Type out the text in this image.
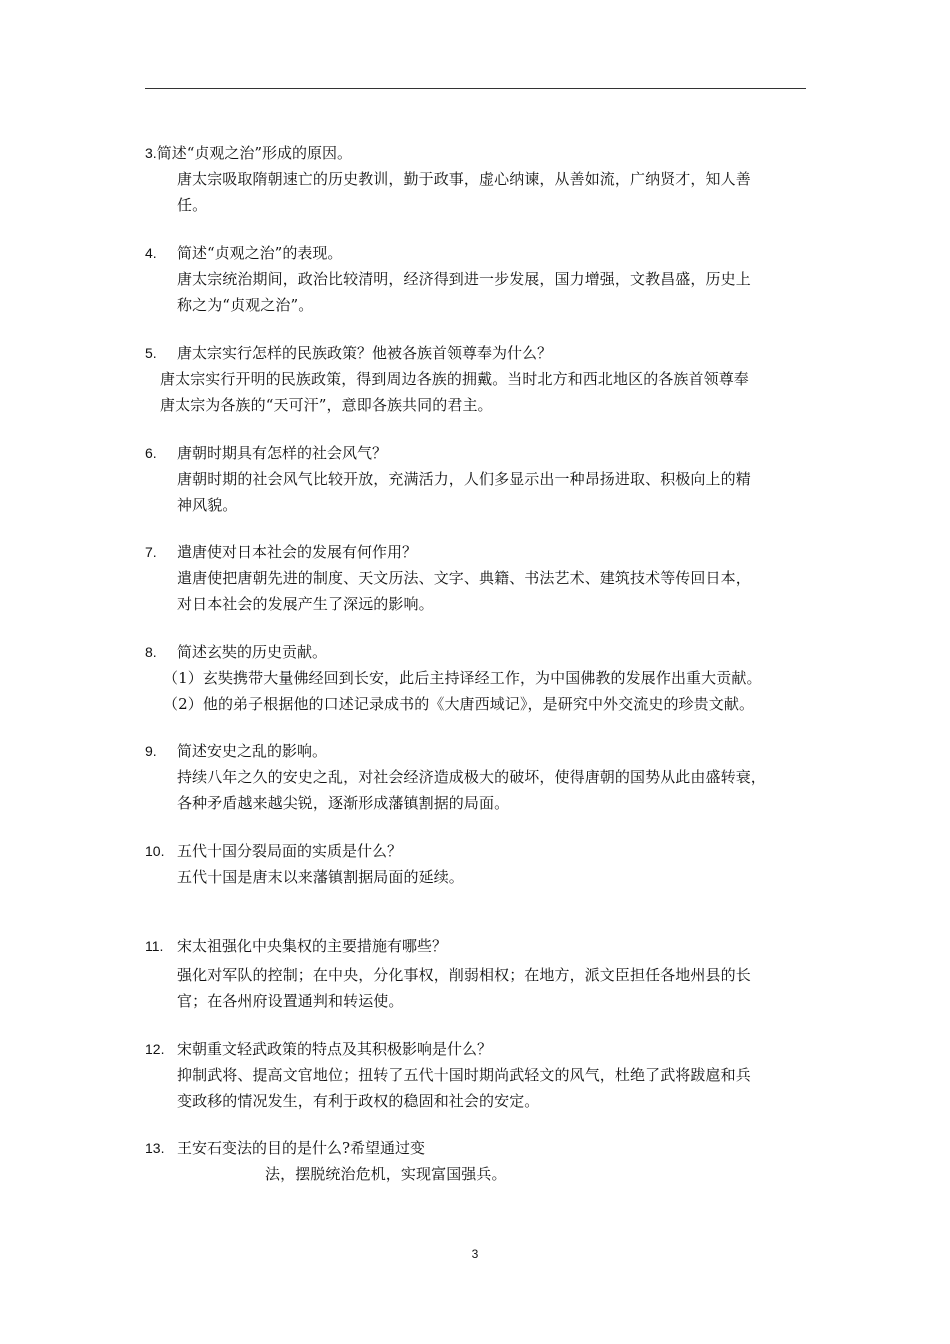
3.简述“贞观之治”形成的原因。
唐太宗吸取隋朝速亡的历史教训，勤于政事，虚心纳谏，从善如流，广纳贤才，知人善
任。
4. 简述“贞观之治”的表现。
唐太宗统治期间，政治比较清明，经济得到进一步发展，国力增强，文教昌盛，历史上
称之为“贞观之治”。
5. 唐太宗实行怎样的民族政策？他被各族首领尊奉为什么？
唐太宗实行开明的民族政策，得到周边各族的拥戴。当时北方和西北地区的各族首领尊奉
唐太宗为各族的“天可汗”，意即各族共同的君主。
6. 唐朝时期具有怎样的社会风气？
唐朝时期的社会风气比较开放，充满活力，人们多显示出一种昂扬进取、积极向上的精
神风貌。
7. 遣唐使对日本社会的发展有何作用？
遣唐使把唐朝先进的制度、天文历法、文字、典籍、书法艺术、建筑技术等传回日本，
对日本社会的发展产生了深远的影响。
8. 简述玄奘的历史贡献。
（1）玄奘携带大量佛经回到长安，此后主持译经工作，为中国佛教的发展作出重大贡献。
（2）他的弟子根据他的口述记录成书的《大唐西域记》，是研究中外交流史的珍贵文献。
9. 简述安史之乱的影响。
持续八年之久的安史之乱，对社会经济造成极大的破坏，使得唐朝的国势从此由盛转衰，
各种矛盾越来越尖锐，逐渐形成藩镇割据的局面。
10. 五代十国分裂局面的实质是什么？
五代十国是唐末以来藩镇割据局面的延续。
11. 宋太祖强化中央集权的主要措施有哪些？
强化对军队的控制；在中央，分化事权，削弱相权；在地方，派文臣担任各地州县的长
官；在各州府设置通判和转运使。
12. 宋朝重文轻武政策的特点及其积极影响是什么？
抑制武将、提高文官地位；扭转了五代十国时期尚武轻文的风气，杜绝了武将跋扈和兵
变政移的情况发生，有利于政权的稳固和社会的安定。
13. 王安石变法的目的是什么?希望通过变
法，摆脱统治危机，实现富国强兵。
3
